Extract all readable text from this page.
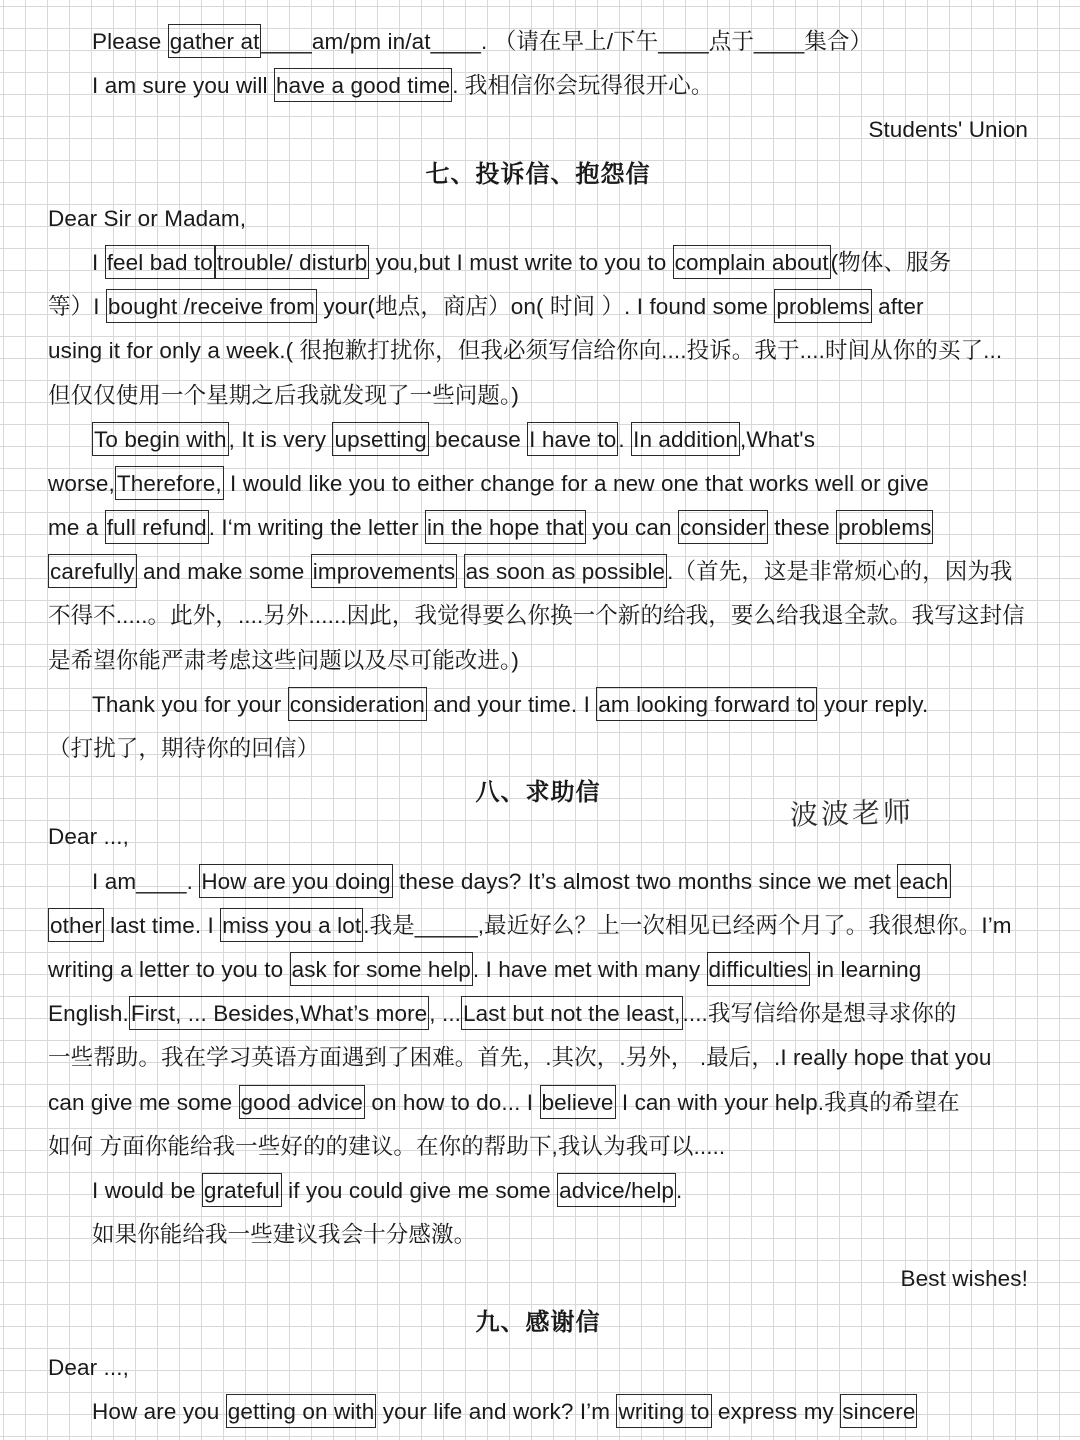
Please gather at____am/pm in/at____. （请在早上/下午____点于____集合）
I am sure you will have a good time. 我相信你会玩得很开心。
Students' Union
七、投诉信、抱怨信
Dear Sir or Madam,
I feel bad to trouble/ disturb you,but I must write to you to complain about(物体、服务
等）I bought /receive from your(地点，商店）on( 时间 ）. I found some problems after
using it for only a week.( 很抱歉打扰你，但我必须写信给你向....投诉。我于....时间从你的买了...
但仅仅使用一个星期之后我就发现了一些问题。)
To begin with, It is very upsetting because I have to. In addition,What's
worse,Therefore, I would like you to either change for a new one that works well or give
me a full refund. I‘m writing the letter in the hope that you can consider these problems
carefully and make some improvements as soon as possible.（首先，这是非常烦心的，因为我
不得不.....。此外，....另外......因此，我觉得要么你换一个新的给我，要么给我退全款。我写这封信
是希望你能严肃考虑这些问题以及尽可能改进。)
Thank you for your consideration and your time. I am looking forward to your reply.
（打扰了，期待你的回信）
八、求助信
Dear ...,
I am____. How are you doing these days? It’s almost two months since we met each
other last time. I miss you a lot.我是_____,最近好么？上一次相见已经两个月了。我很想你。I’m
writing a letter to you to ask for some help. I have met with many difficulties in learning
English.First, ... Besides,What’s more, ...Last but not the least,....我写信给你是想寻求你的
一些帮助。我在学习英语方面遇到了困难。首先，.其次，.另外， .最后，.I really hope that you
can give me some good advice on how to do... I believe I can with your help.我真的希望在
如何 方面你能给我一些好的的建议。在你的帮助下,我认为我可以.....
I would be grateful if you could give me some advice/help.
如果你能给我一些建议我会十分感激。
Best wishes!
九、感谢信
Dear ...,
How are you getting on with your life and work? I’m writing to express my sincere
波波老师
